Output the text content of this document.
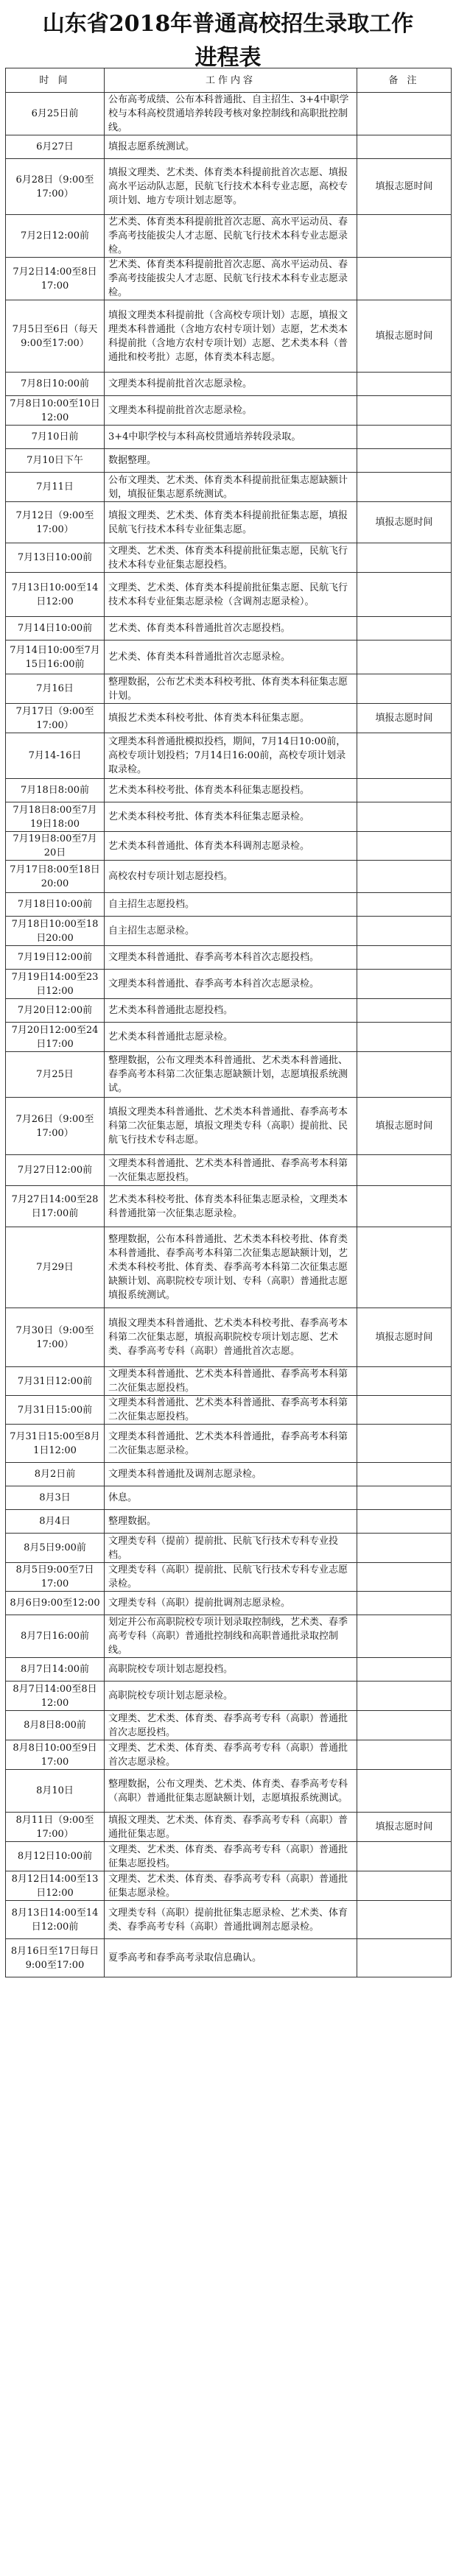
山东省2018年普通高校招生录取工作
进程表
时 间	工作内容	备 注
6月25日前	公布高考成绩、公布本科普通批、自主招生、3+4中职学校与本科高校贯通培养转段考核对象控制线和高职批控制线。	
6月27日	填报志愿系统测试。	
6月28日（9:00至17:00）	填报文理类、艺术类、体育类本科提前批首次志愿、填报高水平运动队志愿，民航飞行技术本科专业志愿，高校专项计划、地方专项计划志愿等。	填报志愿时间
7月2日12:00前	艺术类、体育类本科提前批首次志愿、高水平运动员、春季高考技能拔尖人才志愿、民航飞行技术本科专业志愿录检。	
7月2日14:00至8日17:00	艺术类、体育类本科提前批首次志愿、高水平运动员、春季高考技能拔尖人才志愿、民航飞行技术本科专业志愿录检。	
7月5日至6日（每天9:00至17:00）	填报文理类本科提前批（含高校专项计划）志愿，填报文理类本科普通批（含地方农村专项计划）志愿，艺术类本科提前批（含地方农村专项计划）志愿、艺术类本科（普通批和校考批）志愿，体育类本科志愿。	填报志愿时间
7月8日10:00前	文理类本科提前批首次志愿录检。	
7月8日10:00至10日12:00	文理类本科提前批首次志愿录检。	
7月10日前	3+4中职学校与本科高校贯通培养转段录取。	
7月10日下午	数据整理。	
7月11日	公布文理类、艺术类、体育类本科提前批征集志愿缺额计划，填报征集志愿系统测试。	
7月12日（9:00至17:00）	填报文理类、艺术类、体育类本科提前批征集志愿，填报民航飞行技术本科专业征集志愿。	填报志愿时间
7月13日10:00前	文理类、艺术类、体育类本科提前批征集志愿，民航飞行技术本科专业征集志愿投档。	
7月13日10:00至14日12:00	文理类、艺术类、体育类本科提前批征集志愿、民航飞行技术本科专业征集志愿录检（含调剂志愿录检）。	
7月14日10:00前	艺术类、体育类本科普通批首次志愿投档。	
7月14日10:00至7月15日16:00前	艺术类、体育类本科普通批首次志愿录检。	
7月16日	整理数据，公布艺术类本科校考批、体育类本科征集志愿计划。	
7月17日（9:00至17:00）	填报艺术类本科校考批、体育类本科征集志愿。	填报志愿时间
7月14-16日	文理类本科普通批模拟投档，期间，7月14日10:00前，高校专项计划投档；7月14日16:00前，高校专项计划录取录检。	
7月18日8:00前	艺术类本科校考批、体育类本科征集志愿投档。	
7月18日8:00至7月19日18:00	艺术类本科校考批、体育类本科征集志愿录检。	
7月19日8:00至7月20日	艺术类本科普通批、体育类本科调剂志愿录检。	
7月17日8:00至18日20:00	高校农村专项计划志愿投档。	
7月18日10:00前	自主招生志愿投档。	
7月18日10:00至18日20:00	自主招生志愿录检。	
7月19日12:00前	文理类本科普通批、春季高考本科首次志愿投档。	
7月19日14:00至23日12:00	文理类本科普通批、春季高考本科首次志愿录检。	
7月20日12:00前	艺术类本科普通批志愿投档。	
7月20日12:00至24日17:00	艺术类本科普通批志愿录检。	
7月25日	整理数据，公布文理类本科普通批、艺术类本科普通批、春季高考本科第二次征集志愿缺额计划，志愿填报系统测试。	
7月26日（9:00至17:00）	填报文理类本科普通批、艺术类本科普通批、春季高考本科第二次征集志愿，填报文理类专科（高职）提前批、民航飞行技术专科志愿。	填报志愿时间
7月27日12:00前	文理类本科普通批、艺术类本科普通批、春季高考本科第一次征集志愿投档。	
7月27日14:00至28日17:00前	艺术类本科校考批、体育类本科征集志愿录检，文理类本科普通批第一次征集志愿录检。	
7月29日	整理数据，公布本科普通批、艺术类本科校考批、体育类本科普通批、春季高考本科第二次征集志愿缺额计划，艺术类本科校考批、体育类、春季高考本科第二次征集志愿缺额计划、高职院校专项计划、专科（高职）普通批志愿填报系统测试。	
7月30日（9:00至17:00）	填报文理类本科普通批、艺术类本科校考批、春季高考本科第二次征集志愿，填报高职院校专项计划志愿、艺术类、春季高考专科（高职）普通批首次志愿。	填报志愿时间
7月31日12:00前	文理类本科普通批、艺术类本科普通批、春季高考本科第二次征集志愿投档。	
7月31日15:00前	文理类本科普通批、艺术类本科普通批、春季高考本科第二次征集志愿投档。	
7月31日15:00至8月1日12:00	文理类本科普通批、艺术类本科普通批，春季高考本科第二次征集志愿录检。	
8月2日前	文理类本科普通批及调剂志愿录检。	
8月3日	休息。	
8月4日	整理数据。	
8月5日9:00前	文理类专科（提前）提前批、民航飞行技术专科专业投档。	
8月5日9:00至7日17:00	文理类专科（高职）提前批、民航飞行技术专科专业志愿录检。	
8月6日9:00至12:00	文理类专科（高职）提前批调剂志愿录检。	
8月7日16:00前	划定并公布高职院校专项计划录取控制线，艺术类、春季高考专科（高职）普通批控制线和高职普通批录取控制线。	
8月7日14:00前	高职院校专项计划志愿投档。	
8月7日14:00至8日12:00	高职院校专项计划志愿录检。	
8月8日8:00前	文理类、艺术类、体育类、春季高考专科（高职）普通批首次志愿投档。	
8月8日10:00至9日17:00	文理类、艺术类、体育类、春季高考专科（高职）普通批首次志愿录检。	
8月10日	整理数据，公布文理类、艺术类、体育类、春季高考专科（高职）普通批征集志愿缺额计划，志愿填报系统测试。	
8月11日（9:00至17:00）	填报文理类、艺术类、体育类、春季高考专科（高职）普通批征集志愿。	填报志愿时间
8月12日10:00前	文理类、艺术类、体育类、春季高考专科（高职）普通批征集志愿投档。	
8月12日14:00至13日12:00	文理类、艺术类、体育类、春季高考专科（高职）普通批征集志愿录检。	
8月13日14:00至14日12:00前	文理类专科（高职）提前批征集志愿录检、艺术类、体育类、春季高考专科（高职）普通批调剂志愿录检。	
8月16日至17日每日9:00至17:00	夏季高考和春季高考录取信息确认。	
